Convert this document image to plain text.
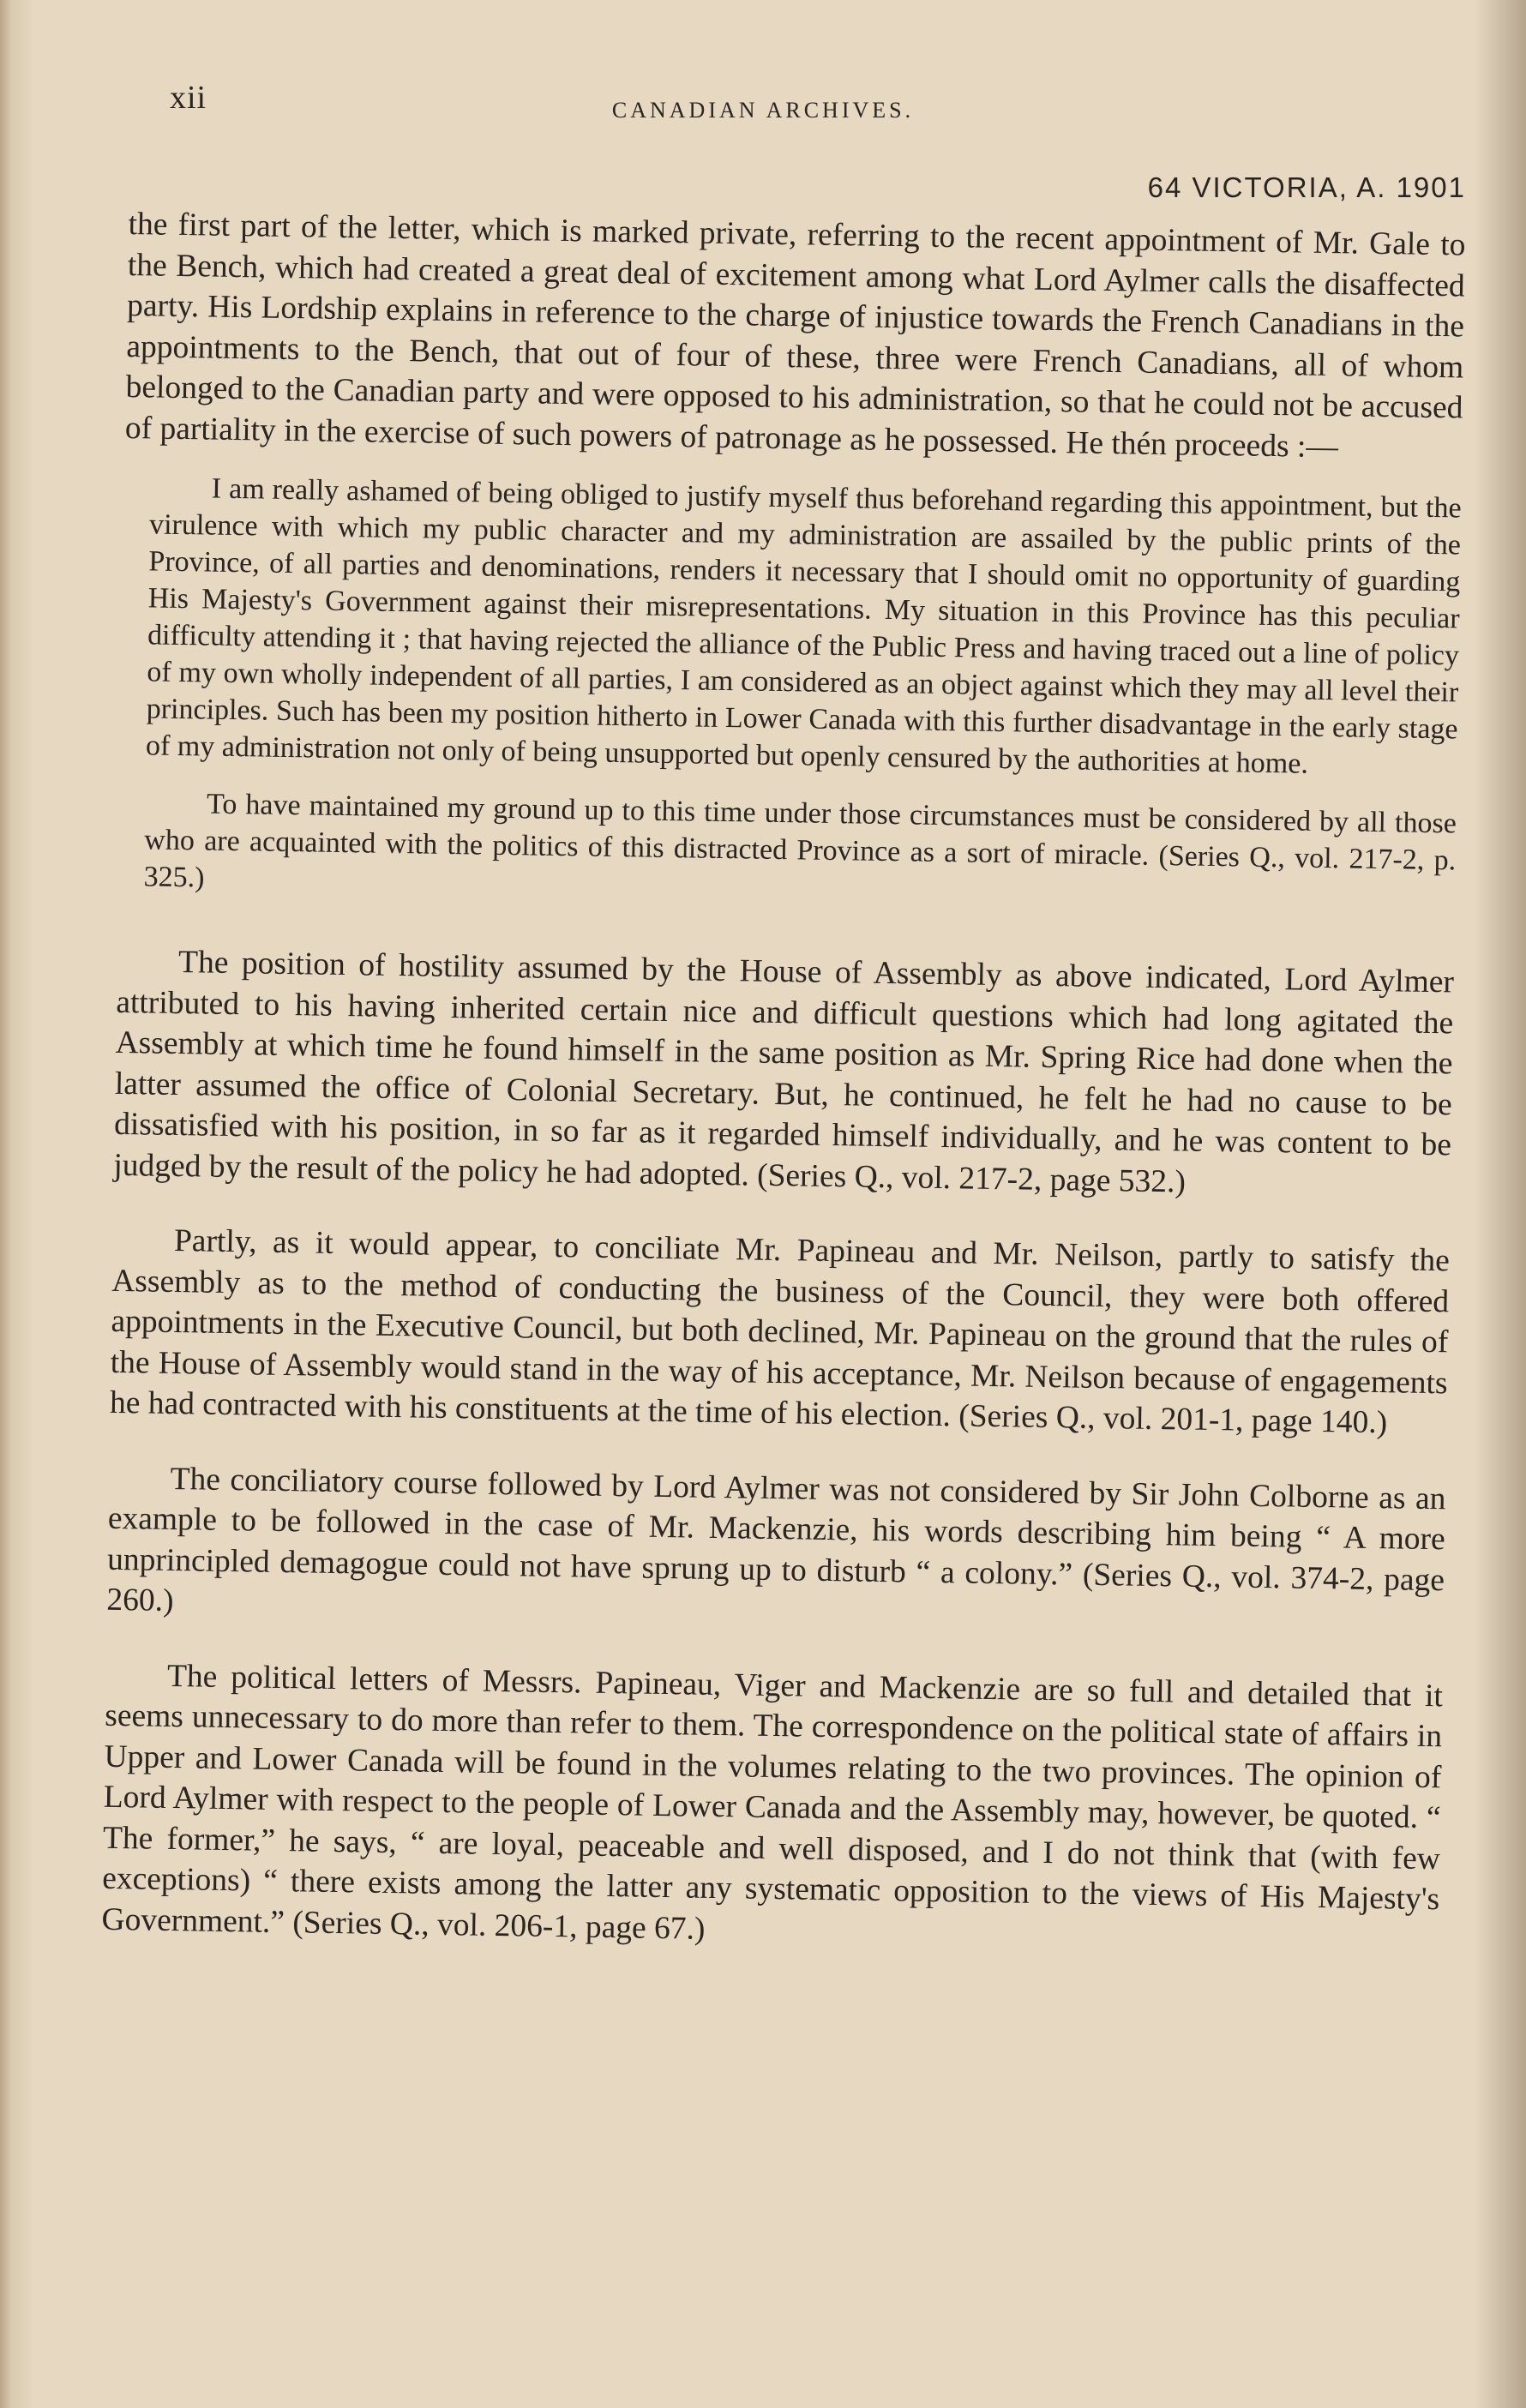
xii	CANADIAN ARCHIVES.
64 VICTORIA, A. 1901

the first part of the letter, which is marked private, referring to the recent appointment of Mr. Gale to the Bench, which had created a great deal of excitement among what Lord Aylmer calls the disaffected party. His Lordship explains in reference to the charge of injustice towards the French Canadians in the appointments to the Bench, that out of four of these, three were French Canadians, all of whom belonged to the Canadian party and were opposed to his administration, so that he could not be accused of partiality in the exercise of such powers of patronage as he possessed. He thén proceeds :—

I am really ashamed of being obliged to justify myself thus beforehand regarding this appointment, but the virulence with which my public character and my administration are assailed by the public prints of the Province, of all parties and denominations, renders it necessary that I should omit no opportunity of guarding His Majesty's Government against their misrepresentations. My situation in this Province has this peculiar difficulty attending it ; that having rejected the alliance of the Public Press and having traced out a line of policy of my own wholly independent of all parties, I am considered as an object against which they may all level their principles. Such has been my position hitherto in Lower Canada with this further disadvantage in the early stage of my administration not only of being unsupported but openly censured by the authorities at home.

To have maintained my ground up to this time under those circumstances must be considered by all those who are acquainted with the politics of this distracted Province as a sort of miracle. (Series Q., vol. 217-2, p. 325.)

The position of hostility assumed by the House of Assembly as above indicated, Lord Aylmer attributed to his having inherited certain nice and difficult questions which had long agitated the Assembly at which time he found himself in the same position as Mr. Spring Rice had done when the latter assumed the office of Colonial Secretary. But, he continued, he felt he had no cause to be dissatisfied with his position, in so far as it regarded himself individually, and he was content to be judged by the result of the policy he had adopted. (Series Q., vol. 217-2, page 532.)

Partly, as it would appear, to conciliate Mr. Papineau and Mr. Neilson, partly to satisfy the Assembly as to the method of conducting the business of the Council, they were both offered appointments in the Executive Council, but both declined, Mr. Papineau on the ground that the rules of the House of Assembly would stand in the way of his acceptance, Mr. Neilson because of engagements he had contracted with his constituents at the time of his election. (Series Q., vol. 201-1, page 140.)

The conciliatory course followed by Lord Aylmer was not considered by Sir John Colborne as an example to be followed in the case of Mr. Mackenzie, his words describing him being “ A more unprincipled demagogue could not have sprung up to disturb “ a colony.” (Series Q., vol. 374-2, page 260.)

The political letters of Messrs. Papineau, Viger and Mackenzie are so full and detailed that it seems unnecessary to do more than refer to them. The correspondence on the political state of affairs in Upper and Lower Canada will be found in the volumes relating to the two provinces. The opinion of Lord Aylmer with respect to the people of Lower Canada and the Assembly may, however, be quoted. “ The former,” he says, “ are loyal, peaceable and well disposed, and I do not think that (with few exceptions) “ there exists among the latter any systematic opposition to the views of His Majesty's Government.” (Series Q., vol. 206-1, page 67.)
